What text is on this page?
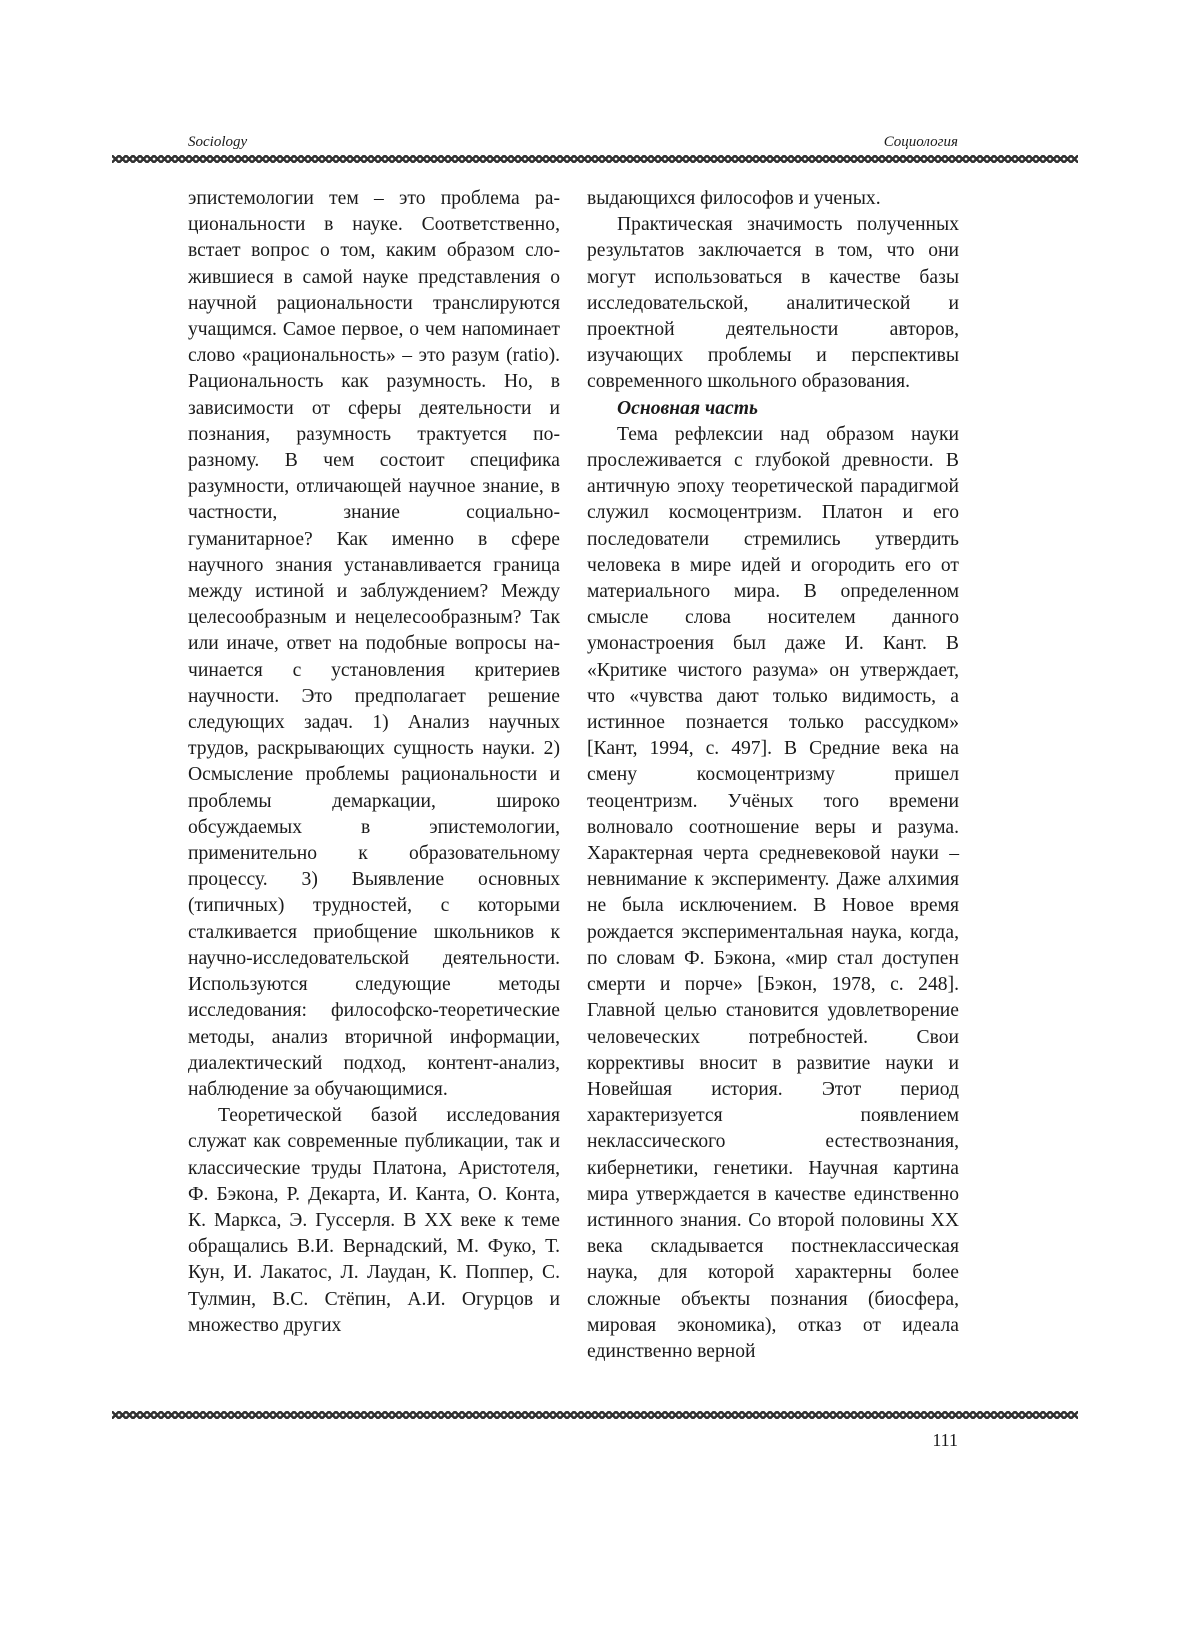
Sociology	Социология

эпистемологии тем – это проблема рациональности в науке. Соответственно, встает вопрос о том, каким образом сложившиеся в самой науке представления о научной рациональности транслируются учащимся. Самое первое, о чем напоминает слово «рациональность» – это разум (ratio). Рациональность как разумность. Но, в зависимости от сферы деятельности и познания, разумность трактуется по-разному. В чем состоит специфика разумности, отличающей научное знание, в частности, знание социально-гуманитарное? Как именно в сфере научного знания устанавливается граница между истиной и заблуждением? Между целесообразным и нецелесообразным? Так или иначе, ответ на подобные вопросы начинается с установления критериев научности. Это предполагает решение следующих задач. 1) Анализ научных трудов, раскрывающих сущность науки. 2) Осмысление проблемы рациональности и проблемы демаркации, широко обсуждаемых в эпистемологии, применительно к образовательному процессу. 3) Выявление основных (типичных) трудностей, с которыми сталкивается приобщение школьников к научно-исследовательской деятельности. Используются следующие методы исследования: философско-теоретические методы, анализ вторичной информации, диалектический подход, контент-анализ, наблюдение за обучающимися.

Теоретической базой исследования служат как современные публикации, так и классические труды Платона, Аристотеля, Ф. Бэкона, Р. Декарта, И. Канта, О. Конта, К. Маркса, Э. Гуссерля. В XX веке к теме обращались В.И. Вернадский, М. Фуко, Т. Кун, И. Лакатос, Л. Лаудан, К. Поппер, С. Тулмин, В.С. Стёпин, А.И. Огурцов и множество других

выдающихся философов и ученых.

Практическая значимость полученных результатов заключается в том, что они могут использоваться в качестве базы исследовательской, аналитической и проектной деятельности авторов, изучающих проблемы и перспективы современного школьного образования.

Основная часть

Тема рефлексии над образом науки прослеживается с глубокой древности. В античную эпоху теоретической парадигмой служил космоцентризм. Платон и его последователи стремились утвердить человека в мире идей и огородить его от материального мира. В определенном смысле слова носителем данного умонастроения был даже И. Кант. В «Критике чистого разума» он утверждает, что «чувства дают только видимость, а истинное познается только рассудком» [Кант, 1994, с. 497]. В Средние века на смену космоцентризму пришел теоцентризм. Учёных того времени волновало соотношение веры и разума. Характерная черта средневековой науки – невнимание к эксперименту. Даже алхимия не была исключением. В Новое время рождается экспериментальная наука, когда, по словам Ф. Бэкона, «мир стал доступен смерти и порче» [Бэкон, 1978, с. 248]. Главной целью становится удовлетворение человеческих потребностей. Свои коррективы вносит в развитие науки и Новейшая история. Этот период характеризуется появлением неклассического естествознания, кибернетики, генетики. Научная картина мира утверждается в качестве единственно истинного знания. Со второй половины XX века складывается постнеклассическая наука, для которой характерны более сложные объекты познания (биосфера, мировая экономика), отказ от идеала единственно верной

111
